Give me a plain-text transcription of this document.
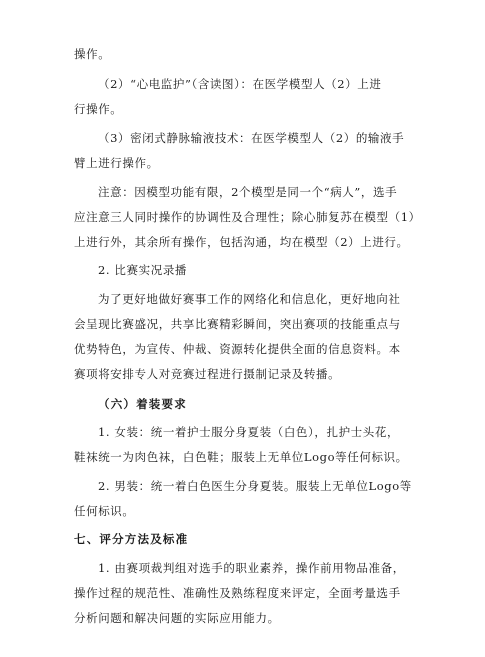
操作。
（2）“心电监护”（含读图）：在医学模型人（2）上进
行操作。
（3）密闭式静脉输液技术：在医学模型人（2）的输液手
臂上进行操作。
注意：因模型功能有限，2个模型是同一个“病人”，选手
应注意三人同时操作的协调性及合理性；除心肺复苏在模型（1）
上进行外，其余所有操作，包括沟通，均在模型（2）上进行。
2. 比赛实况录播
为了更好地做好赛事工作的网络化和信息化，更好地向社
会呈现比赛盛况，共享比赛精彩瞬间，突出赛项的技能重点与
优势特色，为宣传、仲裁、资源转化提供全面的信息资料。本
赛项将安排专人对竞赛过程进行摄制记录及转播。
（六）着装要求
1. 女装：统一着护士服分身夏装（白色），扎护士头花，
鞋袜统一为肉色袜，白色鞋；服装上无单位Logo等任何标识。
2. 男装：统一着白色医生分身夏装。服装上无单位Logo等
任何标识。
七、评分方法及标准
1. 由赛项裁判组对选手的职业素养，操作前用物品准备，
操作过程的规范性、准确性及熟练程度来评定，全面考量选手
分析问题和解决问题的实际应用能力。
